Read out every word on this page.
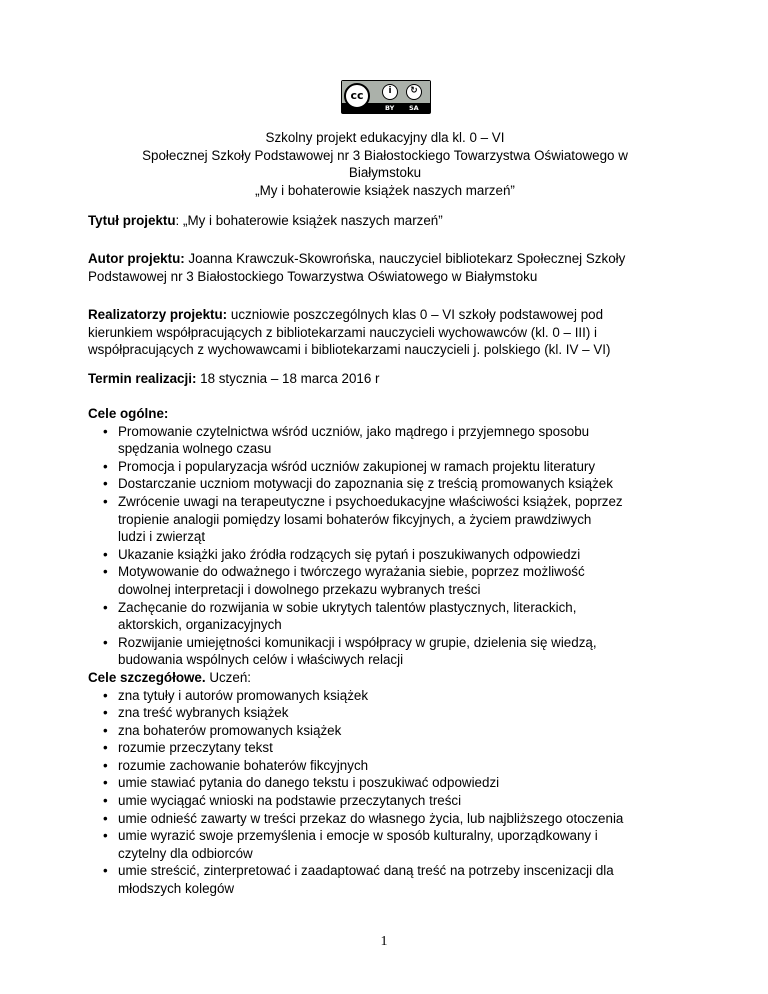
cc	i	↻
BY SA
Szkolny projekt edukacyjny dla kl. 0 – VI
Społecznej Szkoły Podstawowej nr 3 Białostockiego Towarzystwa Oświatowego w
Białymstoku
„My i bohaterowie książek naszych marzeń”
Tytuł projektu: „My i bohaterowie książek naszych marzeń”
Autor projektu: Joanna Krawczuk-Skowrońska, nauczyciel bibliotekarz Społecznej Szkoły
Podstawowej nr 3 Białostockiego Towarzystwa Oświatowego w Białymstoku
Realizatorzy projektu: uczniowie poszczególnych klas 0 – VI szkoły podstawowej pod
kierunkiem współpracujących z bibliotekarzami nauczycieli wychowawców (kl. 0 – III) i
współpracujących z wychowawcami i bibliotekarzami nauczycieli j. polskiego (kl. IV – VI)
Termin realizacji: 18 stycznia – 18 marca 2016 r
Cele ogólne:
• Promowanie czytelnictwa wśród uczniów, jako mądrego i przyjemnego sposobu
spędzania wolnego czasu
• Promocja i popularyzacja wśród uczniów zakupionej w ramach projektu literatury
• Dostarczanie uczniom motywacji do zapoznania się z treścią promowanych książek
• Zwrócenie uwagi na terapeutyczne i psychoedukacyjne właściwości książek, poprzez
tropienie analogii pomiędzy losami bohaterów fikcyjnych, a życiem prawdziwych
ludzi i zwierząt
• Ukazanie książki jako źródła rodzących się pytań i poszukiwanych odpowiedzi
• Motywowanie do odważnego i twórczego wyrażania siebie, poprzez możliwość
dowolnej interpretacji i dowolnego przekazu wybranych treści
• Zachęcanie do rozwijania w sobie ukrytych talentów plastycznych, literackich,
aktorskich, organizacyjnych
• Rozwijanie umiejętności komunikacji i współpracy w grupie, dzielenia się wiedzą,
budowania wspólnych celów i właściwych relacji
Cele szczegółowe. Uczeń:
• zna tytuły i autorów promowanych książek
• zna treść wybranych książek
• zna bohaterów promowanych książek
• rozumie przeczytany tekst
• rozumie zachowanie bohaterów fikcyjnych
• umie stawiać pytania do danego tekstu i poszukiwać odpowiedzi
• umie wyciągać wnioski na podstawie przeczytanych treści
• umie odnieść zawarty w treści przekaz do własnego życia, lub najbliższego otoczenia
• umie wyrazić swoje przemyślenia i emocje w sposób kulturalny, uporządkowany i
czytelny dla odbiorców
• umie streścić, zinterpretować i zaadaptować daną treść na potrzeby inscenizacji dla
młodszych kolegów
1
